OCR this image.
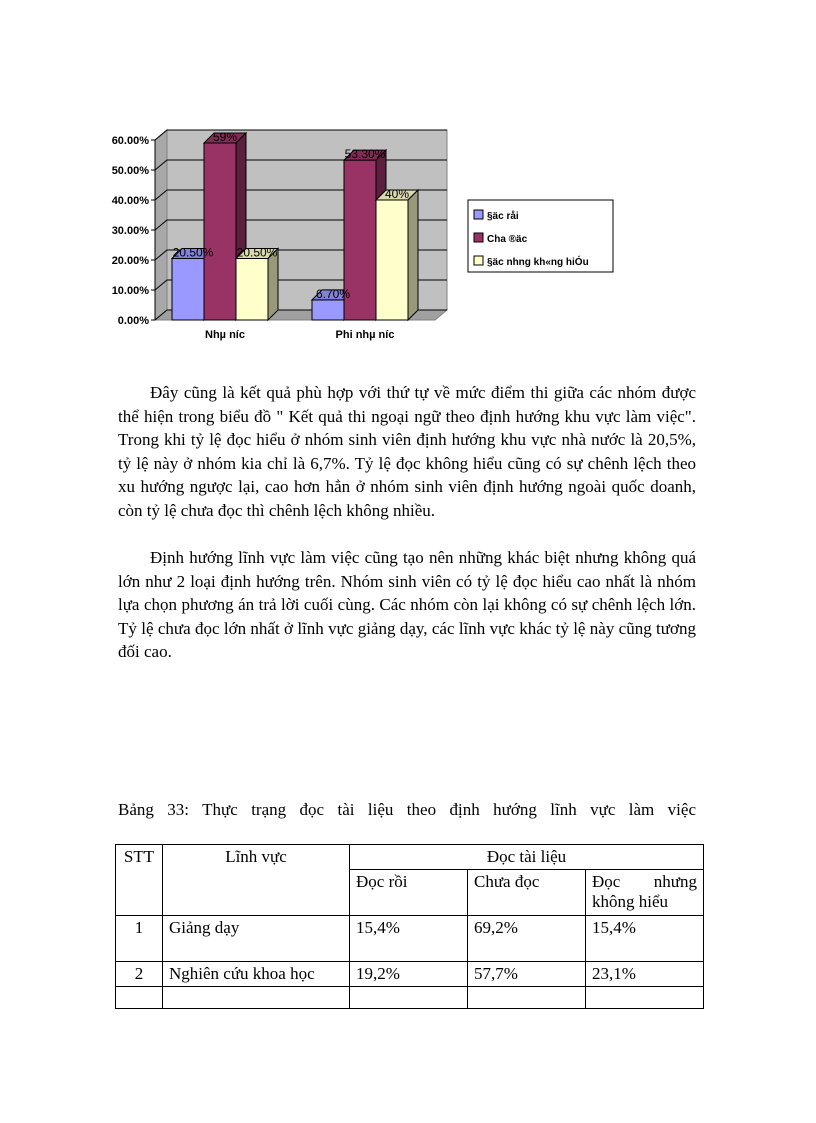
0.00%
10.00%
20.00%
30.00%
40.00%
50.00%
60.00%
20.50%
59%
20.50%
6.70%
53.30%
40%
Nhµ níc	Phi nhµ níc
§äc råi
Cha ®äc
§äc nhng kh«ng hiÓu

Đây cũng là kết quả phù hợp với thứ tự về mức điểm thi giữa các nhóm được thể hiện trong biểu đồ " Kết quả thi ngoại ngữ theo định hướng khu vực làm việc". Trong khi tỷ lệ đọc hiểu ở nhóm sinh viên định hướng khu vực nhà nước là 20,5%, tỷ lệ này ở nhóm kia chỉ là 6,7%. Tỷ lệ đọc không hiểu cũng có sự chênh lệch theo xu hướng ngược lại, cao hơn hẳn ở nhóm sinh viên định hướng ngoài quốc doanh, còn tỷ lệ chưa đọc thì chênh lệch không nhiều.

Định hướng lĩnh vực làm việc cũng tạo nên những khác biệt nhưng không quá lớn như 2 loại định hướng trên. Nhóm sinh viên có tỷ lệ đọc hiểu cao nhất là nhóm lựa chọn phương án trả lời cuối cùng. Các nhóm còn lại không có sự chênh lệch lớn. Tỷ lệ chưa đọc lớn nhất ở lĩnh vực giảng dạy, các lĩnh vực khác tỷ lệ này cũng tương đối cao.

Bảng 33: Thực trạng đọc tài liệu theo định hướng lĩnh vực làm việc

STT	Lĩnh vực	Đọc tài liệu		
		Đọc rồi	Chưa đọc	Đọc nhưng
không hiểu

1	Giảng dạy	15,4%	69,2%	15,4%
2	Nghiên cứu khoa học	19,2%	57,7%	23,1%
